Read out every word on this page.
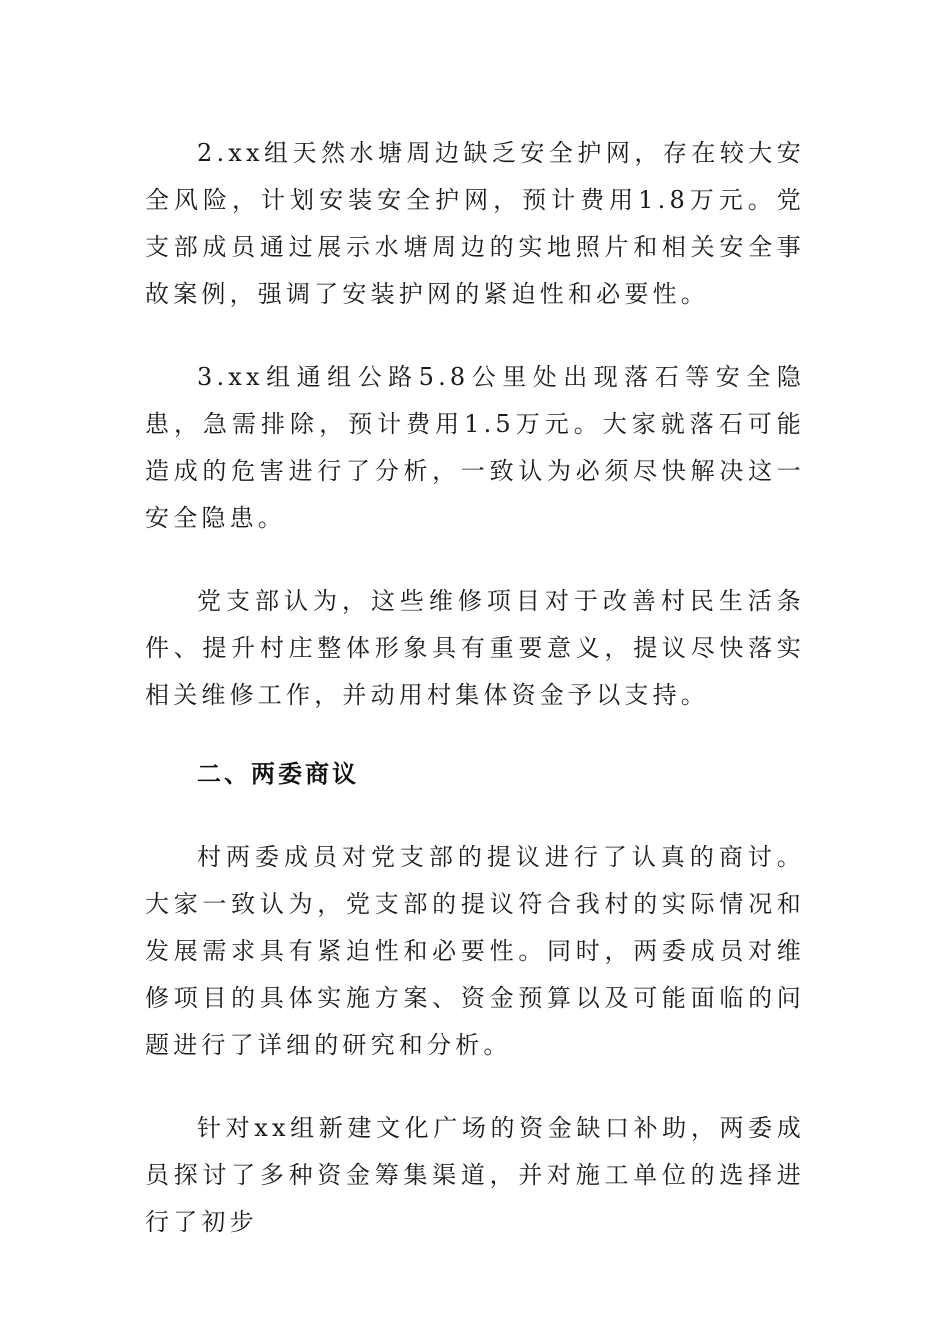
2.xx组天然水塘周边缺乏安全护网，存在较大安全风险，计划安装安全护网，预计费用1.8万元。党支部成员通过展示水塘周边的实地照片和相关安全事故案例，强调了安装护网的紧迫性和必要性。

3.xx组通组公路5.8公里处出现落石等安全隐患，急需排除，预计费用1.5万元。大家就落石可能造成的危害进行了分析，一致认为必须尽快解决这一安全隐患。

党支部认为，这些维修项目对于改善村民生活条件、提升村庄整体形象具有重要意义，提议尽快落实相关维修工作，并动用村集体资金予以支持。

二、两委商议

村两委成员对党支部的提议进行了认真的商讨。大家一致认为，党支部的提议符合我村的实际情况和发展需求具有紧迫性和必要性。同时，两委成员对维修项目的具体实施方案、资金预算以及可能面临的问题进行了详细的研究和分析。

针对xx组新建文化广场的资金缺口补助，两委成员探讨了多种资金筹集渠道，并对施工单位的选择进行了初步
